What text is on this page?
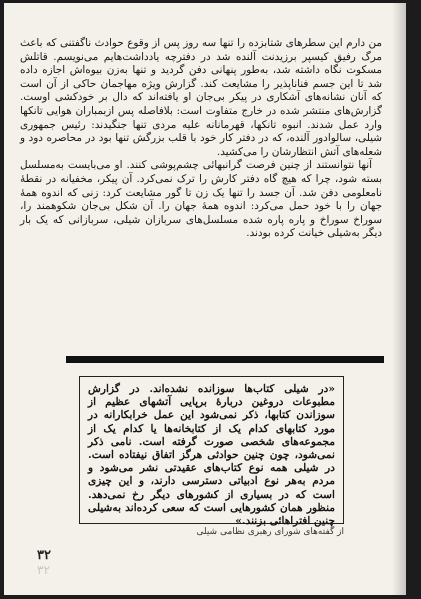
من دارم این سطرهای شتابزده را تنها سه روز پس از وقوع حوادث ناگفتنی که باعث مرگ رفیق کیسپر برزیدنت آلنده شد در دفترچه یادداشت‌هایم می‌نویسم. قاتلش مسکوت نگاه داشته شد، به‌طور پنهانی دفن گردید و تنها به‌زن بیوه‌اش اجازه داده شد تا این جسم فنا‌ناپذیر را مشایعت کند. گزارش ویژه مهاجمان حاکی از آن است که آنان نشانه‌های آشکاری در پیکر بی‌جان او یافته‌اند که دال بر خودکشی اوست. گزارش‌های منتشر شده در خارج متفاوت است: بلافاصله پس ازبمباران هوایی تانکها وارد عمل شدند. انبوه تانکها، قهرمانانه علیه مردی تنها جنگیدند: رئیس جمهوری شیلی، سالوادور آلنده، که در دفتر کار خود با قلب بزرگش تنها بود در محاصره دود و شعله‌های آتش انتظارشان را می‌کشید.

آنها نتوانستند از چنین فرصت گرانبهائی چشم‌پوشی کنند. او می‌بایست به‌مسلسل بسته شود، چرا که هیچ گاه دفتر کارش را ترک نمی‌کرد. آن پیکر، مخفیانه در نقطهٔ نامعلومی دفن شد. آن جسد را تنها یک زن تا گور مشایعت کرد: زنی که اندوه همهٔ جهان را با خود حمل می‌کرد: اندوه همهٔ جهان را. آن شکل بی‌جان شکوهمند را، سوراخ سوراخ و پاره پاره شده مسلسل‌های سربازان شیلی، سربازانی که یک بار دیگر به‌شیلی خیانت کرده بودند.

«در شیلی کتاب‌ها سوزانده نشده‌اند. در گزارش مطبوعات دروغین دربارهٔ برپایی آتشهای عظیم از سوزاندن کتابها، ذکر نمی‌شود این عمل خرابکارانه در مورد کتابهای کدام یک از کتابخانه‌ها یا کدام یک از مجموعه‌های شخصی صورت گرفته است. نامی ذکر نمی‌شود، چون چنین حوادثی هرگز اتفاق نیفتاده است. در شیلی همه نوع کتاب‌های عقیدتی نشر می‌شود و مردم به‌هر نوع ادبیاتی دسترسی دارند، و این چیزی است که در بسیاری از کشورهای دیگر رخ نمی‌دهد. منظور همان کشورهایی است که سعی کرده‌اند به‌شیلی چنین افتراهائی بزنند.»

از گفته‌های شورای رهبری نظامی شیلی

۳۲
۳۲
